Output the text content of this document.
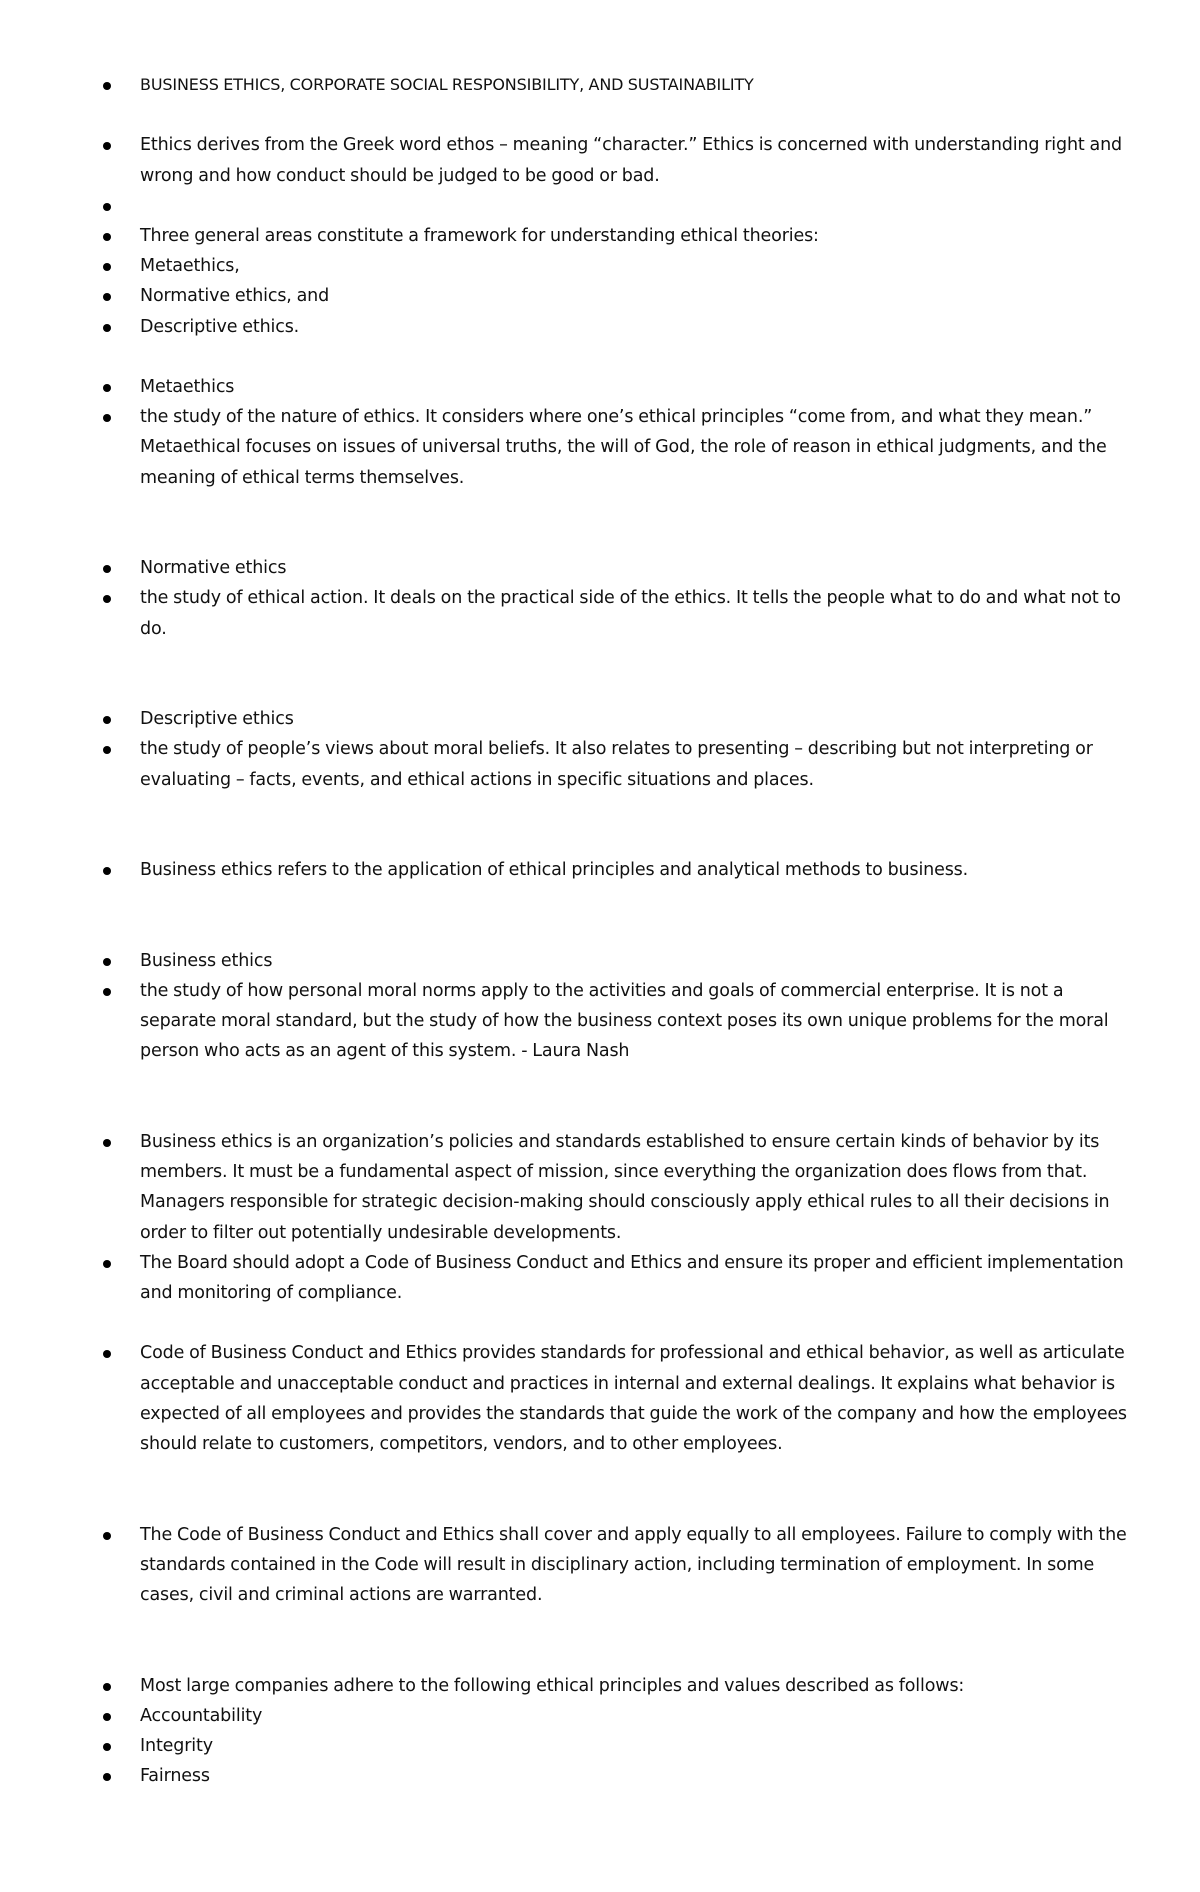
BUSINESS ETHICS, CORPORATE SOCIAL RESPONSIBILITY, AND SUSTAINABILITY
Ethics derives from the Greek word ethos – meaning “character.” Ethics is concerned with understanding right and wrong and how conduct should be judged to be good or bad.
Three general areas constitute a framework for understanding ethical theories:
Metaethics,
Normative ethics, and
Descriptive ethics.
Metaethics
the study of the nature of ethics. It considers where one’s ethical principles “come from, and what they mean.” Metaethical focuses on issues of universal truths, the will of God, the role of reason in ethical judgments, and the meaning of ethical terms themselves.
Normative ethics
the study of ethical action. It deals on the practical side of the ethics. It tells the people what to do and what not to do.
Descriptive ethics
the study of people’s views about moral beliefs. It also relates to presenting – describing but not interpreting or evaluating – facts, events, and ethical actions in specific situations and places.
Business ethics refers to the application of ethical principles and analytical methods to business.
Business ethics
the study of how personal moral norms apply to the activities and goals of commercial enterprise. It is not a separate moral standard, but the study of how the business context poses its own unique problems for the moral person who acts as an agent of this system. - Laura Nash
Business ethics is an organization’s policies and standards established to ensure certain kinds of behavior by its members. It must be a fundamental aspect of mission, since everything the organization does flows from that. Managers responsible for strategic decision-making should consciously apply ethical rules to all their decisions in order to filter out potentially undesirable developments.
The Board should adopt a Code of Business Conduct and Ethics and ensure its proper and efficient implementation and monitoring of compliance.
Code of Business Conduct and Ethics provides standards for professional and ethical behavior, as well as articulate acceptable and unacceptable conduct and practices in internal and external dealings. It explains what behavior is expected of all employees and provides the standards that guide the work of the company and how the employees should relate to customers, competitors, vendors, and to other employees.
The Code of Business Conduct and Ethics shall cover and apply equally to all employees. Failure to comply with the standards contained in the Code will result in disciplinary action, including termination of employment. In some cases, civil and criminal actions are warranted.
Most large companies adhere to the following ethical principles and values described as follows:
Accountability
Integrity
Fairness
